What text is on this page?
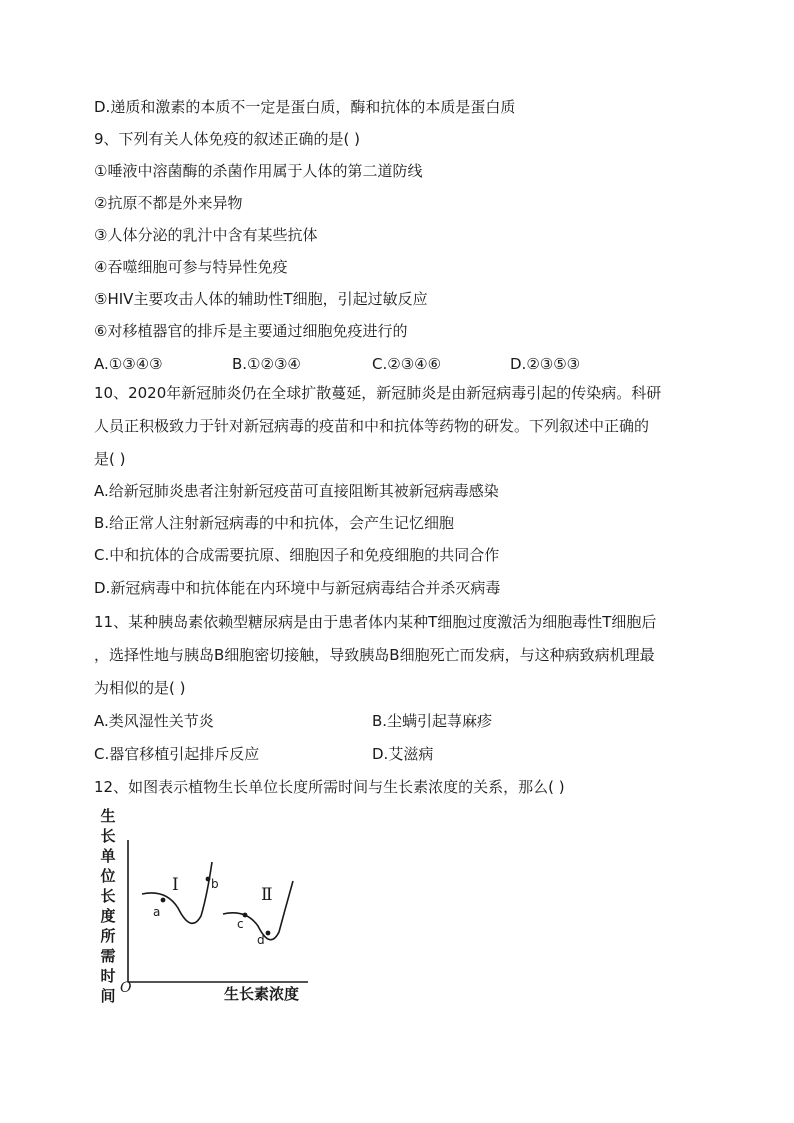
D.递质和激素的本质不一定是蛋白质，酶和抗体的本质是蛋白质
9、下列有关人体免疫的叙述正确的是( )
①唾液中溶菌酶的杀菌作用属于人体的第二道防线
②抗原不都是外来异物
③人体分泌的乳汁中含有某些抗体
④吞噬细胞可参与特异性免疫
⑤HIV主要攻击人体的辅助性T细胞，引起过敏反应
⑥对移植器官的排斥是主要通过细胞免疫进行的
A.①③④③	B.①②③④	C.②③④⑥	D.②③⑤③
10、2020年新冠肺炎仍在全球扩散蔓延，新冠肺炎是由新冠病毒引起的传染病。科研
人员正积极致力于针对新冠病毒的疫苗和中和抗体等药物的研发。下列叙述中正确的
是( )
A.给新冠肺炎患者注射新冠疫苗可直接阻断其被新冠病毒感染
B.给正常人注射新冠病毒的中和抗体，会产生记忆细胞
C.中和抗体的合成需要抗原、细胞因子和免疫细胞的共同合作
D.新冠病毒中和抗体能在内环境中与新冠病毒结合并杀灭病毒
11、某种胰岛素依赖型糖尿病是由于患者体内某种T细胞过度激活为细胞毒性T细胞后
，选择性地与胰岛B细胞密切接触，导致胰岛B细胞死亡而发病，与这种病致病机理最
为相似的是( )
A.类风湿性关节炎	B.尘螨引起荨麻疹
C.器官移植引起排斥反应	D.艾滋病
12、如图表示植物生长单位长度所需时间与生长素浓度的关系，那么( )
生长单位长度所需时间
Ⅰ	Ⅱ
a
b
c
d
O	生长素浓度
